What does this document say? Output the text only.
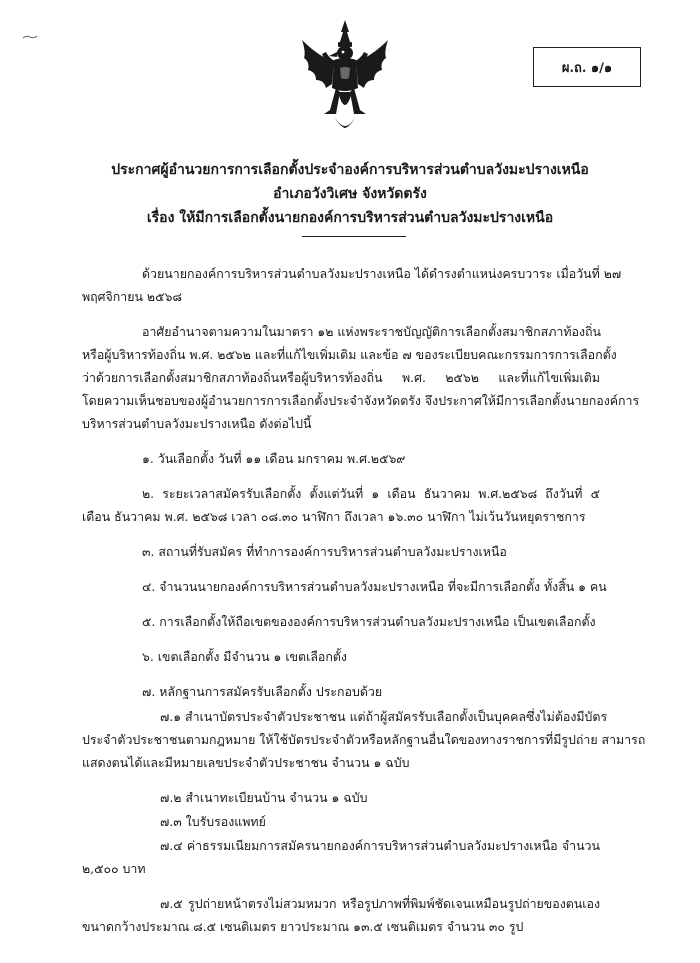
ผ.ถ. ๑/๑
ประกาศผู้อำนวยการการเลือกตั้งประจำองค์การบริหารส่วนตำบลวังมะปรางเหนือ
อำเภอวังวิเศษ จังหวัดตรัง
เรื่อง ให้มีการเลือกตั้งนายกองค์การบริหารส่วนตำบลวังมะปรางเหนือ
ด้วยนายกองค์การบริหารส่วนตำบลวังมะปรางเหนือ ได้ดำรงตำแหน่งครบวาระ เมื่อวันที่ ๒๗
พฤศจิกายน ๒๕๖๘
อาศัยอำนาจตามความในมาตรา ๑๒ แห่งพระราชบัญญัติการเลือกตั้งสมาชิกสภาท้องถิ่น
หรือผู้บริหารท้องถิ่น พ.ศ. ๒๕๖๒ และที่แก้ไขเพิ่มเติม และข้อ ๗ ของระเบียบคณะกรรมการการเลือกตั้ง
ว่าด้วยการเลือกตั้งสมาชิกสภาท้องถิ่นหรือผู้บริหารท้องถิ่น พ.ศ. ๒๕๖๒ และที่แก้ไขเพิ่มเติม
โดยความเห็นชอบของผู้อำนวยการการเลือกตั้งประจำจังหวัดตรัง จึงประกาศให้มีการเลือกตั้งนายกองค์การ
บริหารส่วนตำบลวังมะปรางเหนือ ดังต่อไปนี้
๑. วันเลือกตั้ง วันที่ ๑๑ เดือน มกราคม พ.ศ.๒๕๖๙
๒. ระยะเวลาสมัครรับเลือกตั้ง ตั้งแต่วันที่ ๑ เดือน ธันวาคม พ.ศ.๒๕๖๘ ถึงวันที่ ๕
เดือน ธันวาคม พ.ศ. ๒๕๖๘ เวลา ๐๘.๓๐ นาฬิกา ถึงเวลา ๑๖.๓๐ นาฬิกา ไม่เว้นวันหยุดราชการ
๓. สถานที่รับสมัคร ที่ทำการองค์การบริหารส่วนตำบลวังมะปรางเหนือ
๔. จำนวนนายกองค์การบริหารส่วนตำบลวังมะปรางเหนือ ที่จะมีการเลือกตั้ง ทั้งสิ้น ๑ คน
๕. การเลือกตั้งให้ถือเขตขององค์การบริหารส่วนตำบลวังมะปรางเหนือ เป็นเขตเลือกตั้ง
๖. เขตเลือกตั้ง มีจำนวน ๑ เขตเลือกตั้ง
๗. หลักฐานการสมัครรับเลือกตั้ง ประกอบด้วย
๗.๑ สำเนาบัตรประจำตัวประชาชน แต่ถ้าผู้สมัครรับเลือกตั้งเป็นบุคคลซึ่งไม่ต้องมีบัตร
ประจำตัวประชาชนตามกฎหมาย ให้ใช้บัตรประจำตัวหรือหลักฐานอื่นใดของทางราชการที่มีรูปถ่าย สามารถ
แสดงตนได้และมีหมายเลขประจำตัวประชาชน จำนวน ๑ ฉบับ
๗.๒ สำเนาทะเบียนบ้าน จำนวน ๑ ฉบับ
๗.๓ ใบรับรองแพทย์
๗.๔ ค่าธรรมเนียมการสมัครนายกองค์การบริหารส่วนตำบลวังมะปรางเหนือ จำนวน
๒,๕๐๐ บาท
๗.๕ รูปถ่ายหน้าตรงไม่สวมหมวก หรือรูปภาพที่พิมพ์ชัดเจนเหมือนรูปถ่ายของตนเอง
ขนาดกว้างประมาณ ๘.๕ เซนติเมตร ยาวประมาณ ๑๓.๕ เซนติเมตร จำนวน ๓๐ รูป
